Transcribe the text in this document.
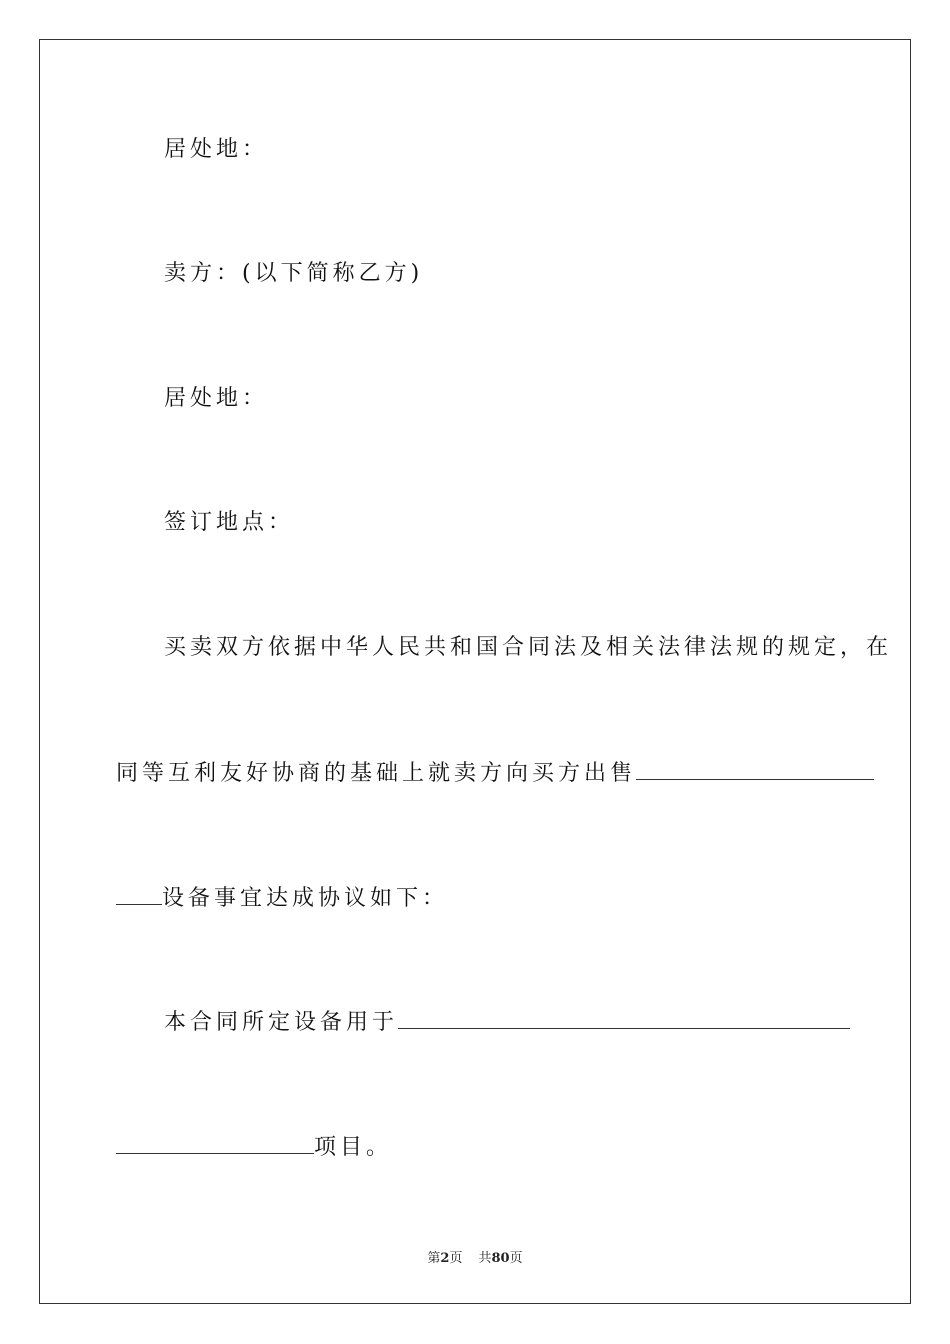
居处地：
卖方：(以下简称乙方)
居处地：
签订地点：
买卖双方依据中华人民共和国合同法及相关法律法规的规定，在
同等互利友好协商的基础上就卖方向买方出售
设备事宜达成协议如下：
本合同所定设备用于
项目。
第2页 共80页
